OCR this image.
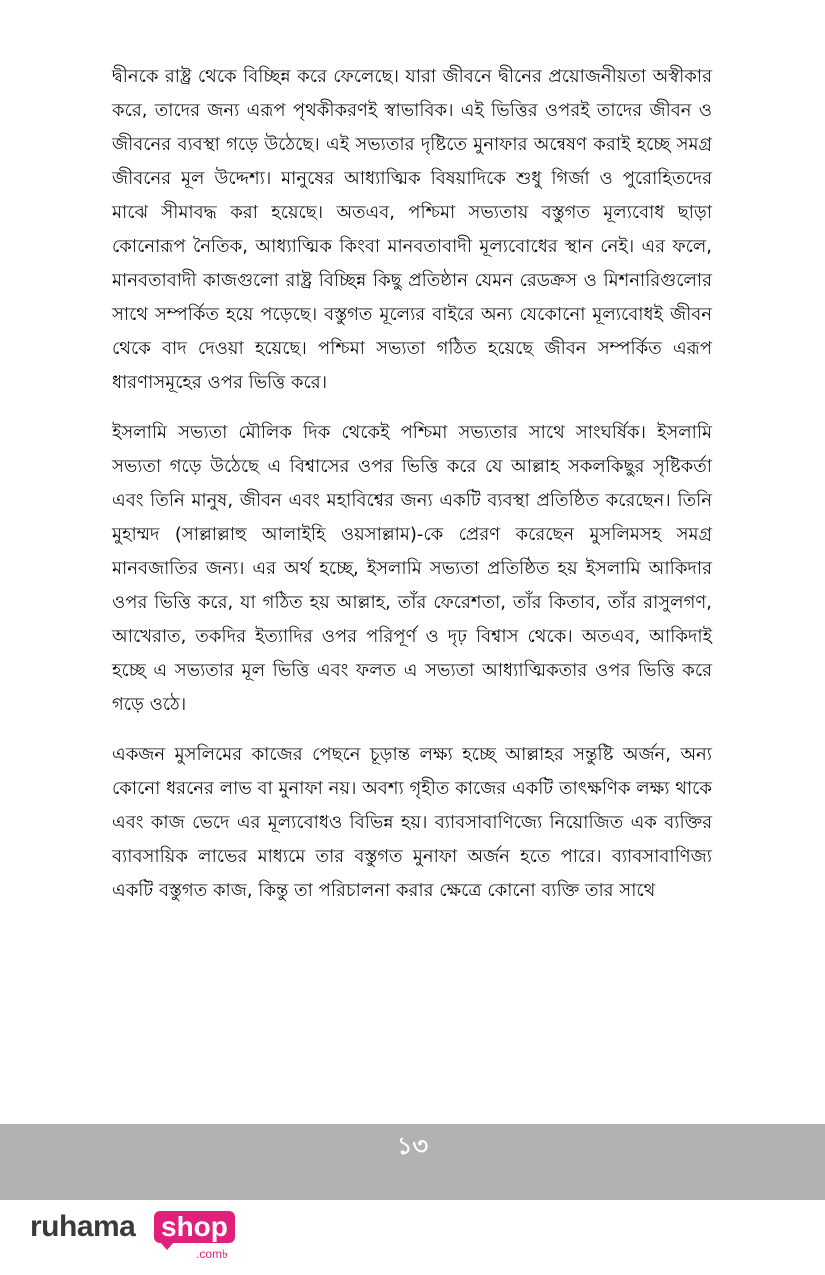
দ্বীনকে রাষ্ট্র থেকে বিচ্ছিন্ন করে ফেলেছে। যারা জীবনে দ্বীনের প্রয়োজনীয়তা অস্বীকার করে, তাদের জন্য এরূপ পৃথকীকরণই স্বাভাবিক। এই ভিত্তির ওপরই তাদের জীবন ও জীবনের ব্যবস্থা গড়ে উঠেছে। এই সভ্যতার দৃষ্টিতে মুনাফার অন্বেষণ করাই হচ্ছে সমগ্র জীবনের মূল উদ্দেশ্য। মানুষের আধ্যাত্মিক বিষয়াদিকে শুধু গির্জা ও পুরোহিতদের মাঝে সীমাবদ্ধ করা হয়েছে। অতএব, পশ্চিমা সভ্যতায় বস্তুগত মূল্যবোধ ছাড়া কোনোরূপ নৈতিক, আধ্যাত্মিক কিংবা মানবতাবাদী মূল্যবোধের স্থান নেই। এর ফলে, মানবতাবাদী কাজগুলো রাষ্ট্র বিচ্ছিন্ন কিছু প্রতিষ্ঠান যেমন রেডক্রস ও মিশনারিগুলোর সাথে সম্পর্কিত হয়ে পড়েছে। বস্তুগত মূল্যের বাইরে অন্য যেকোনো মূল্যবোধই জীবন থেকে বাদ দেওয়া হয়েছে। পশ্চিমা সভ্যতা গঠিত হয়েছে জীবন সম্পর্কিত এরূপ ধারণাসমূহের ওপর ভিত্তি করে।

ইসলামি সভ্যতা মৌলিক দিক থেকেই পশ্চিমা সভ্যতার সাথে সাংঘর্ষিক। ইসলামি সভ্যতা গড়ে উঠেছে এ বিশ্বাসের ওপর ভিত্তি করে যে আল্লাহ সকলকিছুর সৃষ্টিকর্তা এবং তিনি মানুষ, জীবন এবং মহাবিশ্বের জন্য একটি ব্যবস্থা প্রতিষ্ঠিত করেছেন। তিনি মুহাম্মদ (সাল্লাল্লাহু আলাইহি ওয়সাল্লাম)-কে প্রেরণ করেছেন মুসলিমসহ সমগ্র মানবজাতির জন্য। এর অর্থ হচ্ছে, ইসলামি সভ্যতা প্রতিষ্ঠিত হয় ইসলামি আকিদার ওপর ভিত্তি করে, যা গঠিত হয় আল্লাহ, তাঁর ফেরেশতা, তাঁর কিতাব, তাঁর রাসুলগণ, আখেরাত, তকদির ইত্যাদির ওপর পরিপূর্ণ ও দৃঢ় বিশ্বাস থেকে। অতএব, আকিদাই হচ্ছে এ সভ্যতার মূল ভিত্তি এবং ফলত এ সভ্যতা আধ্যাত্মিকতার ওপর ভিত্তি করে গড়ে ওঠে।

একজন মুসলিমের কাজের পেছনে চূড়ান্ত লক্ষ্য হচ্ছে আল্লাহর সন্তুষ্টি অর্জন, অন্য কোনো ধরনের লাভ বা মুনাফা নয়। অবশ্য গৃহীত কাজের একটি তাৎক্ষণিক লক্ষ্য থাকে এবং কাজ ভেদে এর মূল্যবোধও বিভিন্ন হয়। ব্যাবসাবাণিজ্যে নিয়োজিত এক ব্যক্তির ব্যাবসায়িক লাভের মাধ্যমে তার বস্তুগত মুনাফা অর্জন হতে পারে। ব্যাবসাবাণিজ্য একটি বস্তুগত কাজ, কিন্তু তা পরিচালনা করার ক্ষেত্রে কোনো ব্যক্তি তার সাথে

১৩
ruhama shop
.com৳
